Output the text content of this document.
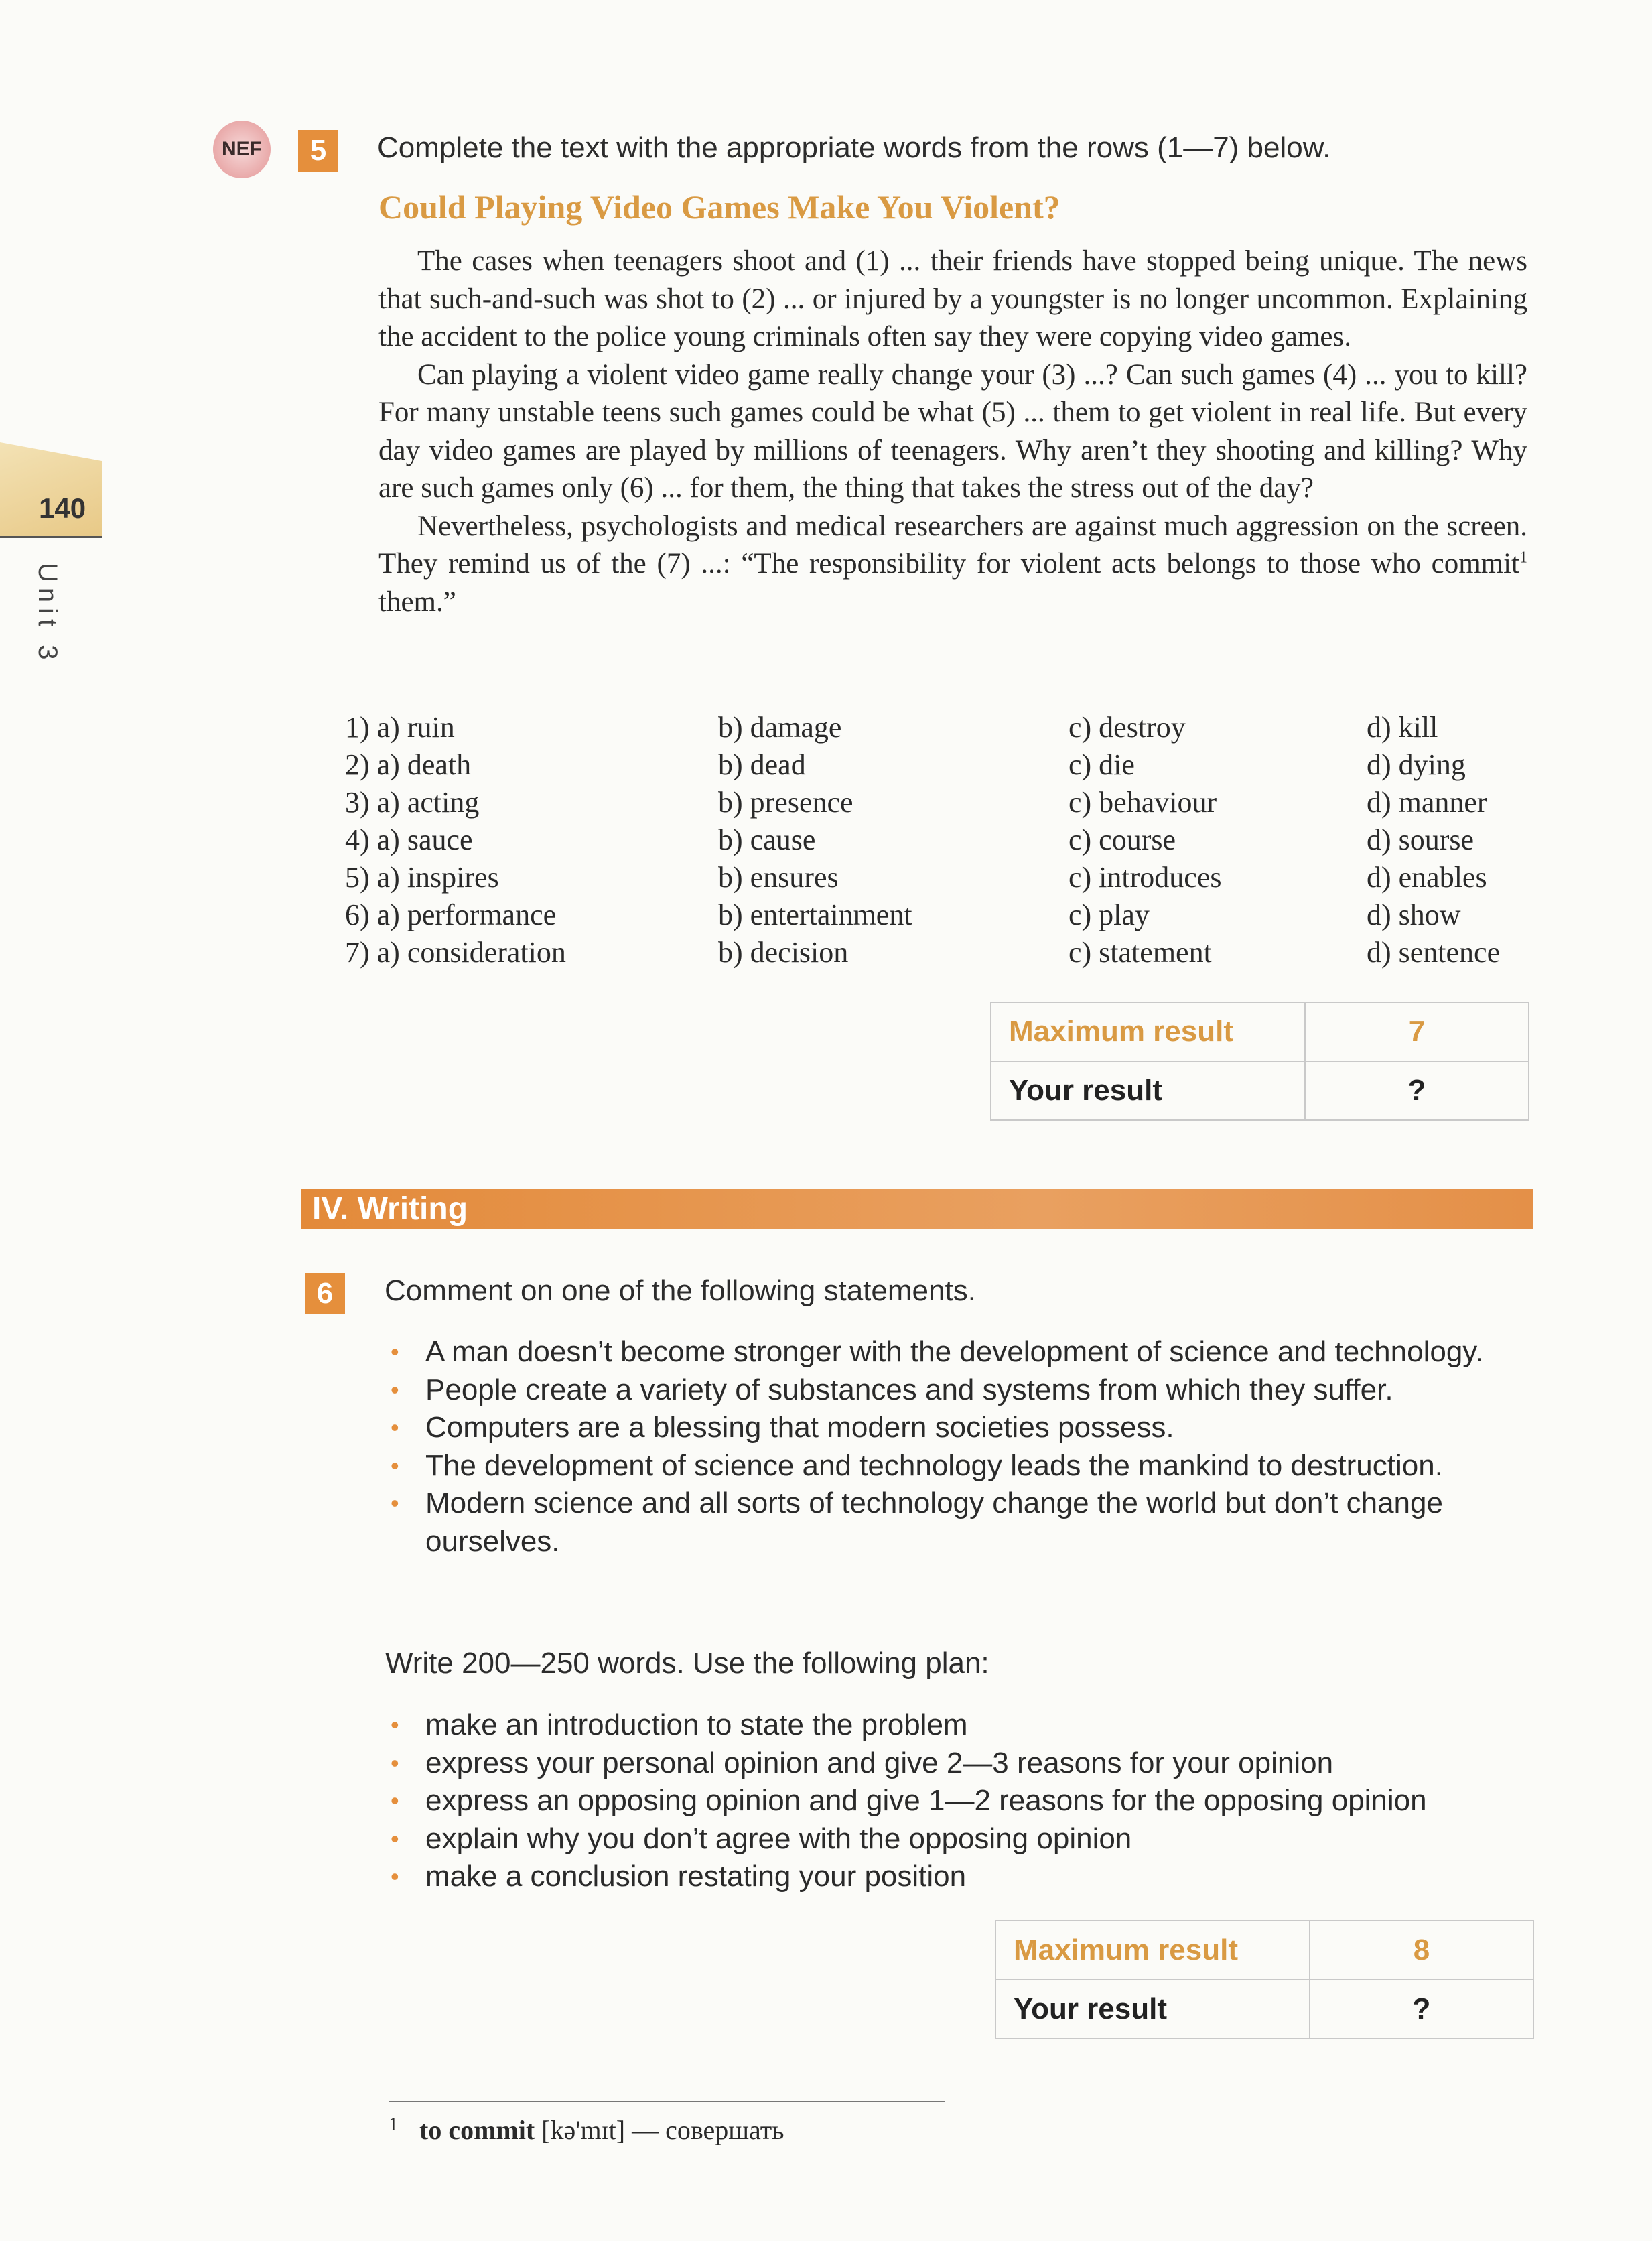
140
Unit 3
NEF	5	Complete the text with the appropriate words from the rows (1—7) below.
Could Playing Video Games Make You Violent?

The cases when teenagers shoot and (1) ... their friends have stopped being unique. The news that such-and-such was shot to (2) ... or injured by a youngster is no longer uncommon. Explaining the accident to the police young criminals often say they were copying video games.

Can playing a violent video game really change your (3) ...? Can such games (4) ... you to kill? For many unstable teens such games could be what (5) ... them to get violent in real life. But every day video games are played by millions of teenagers. Why aren’t they shooting and killing? Why are such games only (6) ... for them, the thing that takes the stress out of the day?

Nevertheless, psychologists and medical researchers are against much aggression on the screen. They remind us of the (7) ...: “The responsibility for violent acts belongs to those who commit$^1$ them.”

1) a) ruin	b) damage	c) destroy	d) kill
2) a) death	b) dead	c) die	d) dying
3) a) acting	b) presence	c) behaviour	d) manner
4) a) sauce	b) cause	c) course	d) sourse
5) a) inspires	b) ensures	c) introduces	d) enables
6) a) performance	b) entertainment	c) play	d) show
7) a) consideration	b) decision	c) statement	d) sentence
Maximum result	7
Your result	?
IV. Writing
6	Comment on one of the following statements.
• A man doesn’t become stronger with the development of science and technology.
• People create a variety of substances and systems from which they suffer.
• Computers are a blessing that modern societies possess.
• The development of science and technology leads the mankind to destruction.
• Modern science and all sorts of technology change the world but don’t change ourselves.
Write 200—250 words. Use the following plan:
• make an introduction to state the problem
• express your personal opinion and give 2—3 reasons for your opinion
• express an opposing opinion and give 1—2 reasons for the opposing opinion
• explain why you don’t agree with the opposing opinion
• make a conclusion restating your position
Maximum result	8
Your result	?
$^1$ to commit [kə'mɪt] — совершать
